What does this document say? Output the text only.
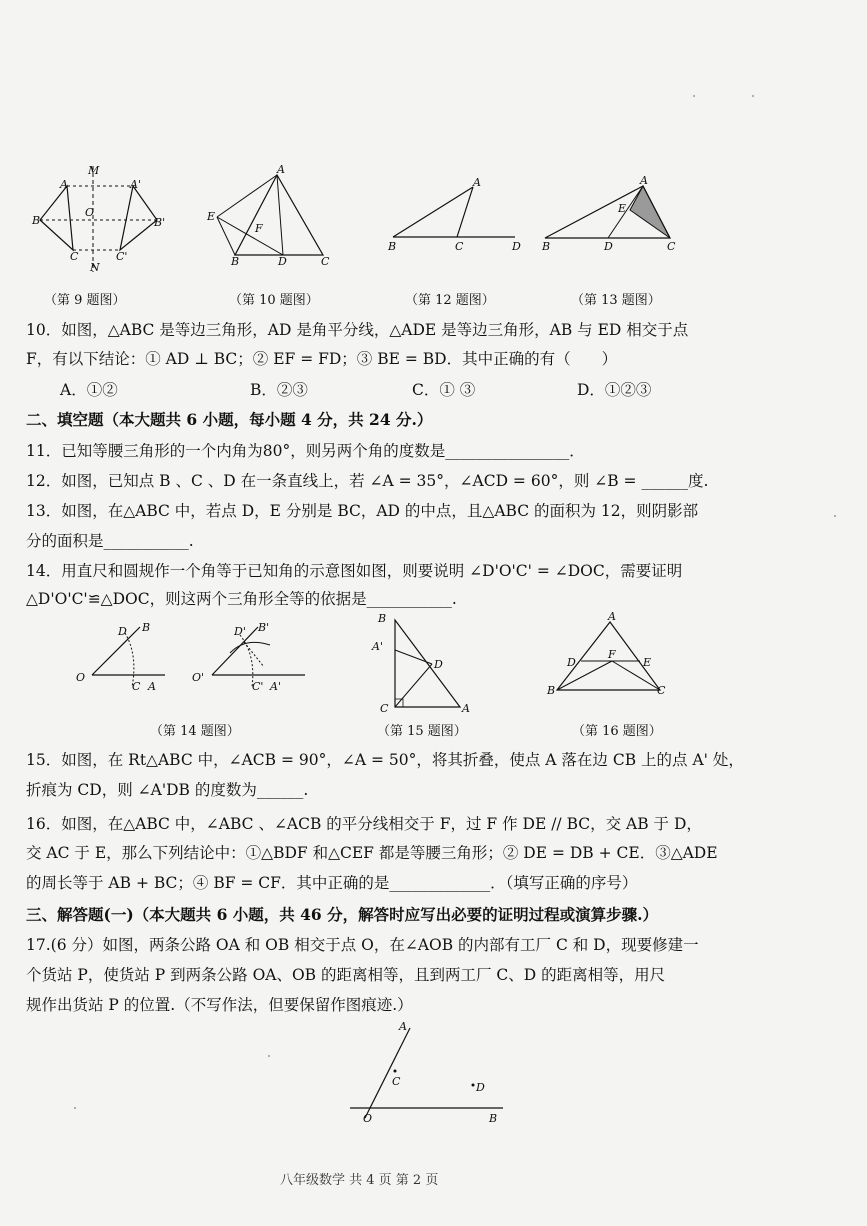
M
A	A'
B
O
B'
C	C'
N
（第 9 题图）
A
E
F
B	D	C
（第 10 题图）
A
B	C	D
（第 12 题图）
A
E
B	D	C
（第 13 题图）
10．如图，△ABC 是等边三角形，AD 是角平分线，△ADE 是等边三角形，AB 与 ED 相交于点
F，有以下结论：① AD ⊥ BC；② EF = FD；③ BE = BD．其中正确的有（　　）
A．①②	B．②③	C．① ③	D．①②③
二、填空题（本大题共 6 小题，每小题 4 分，共 24 分.）
11．已知等腰三角形的一个内角为80°，则另两个角的度数是________________．
12．如图，已知点 B 、C 、D 在一条直线上，若 ∠A = 35°，∠ACD = 60°，则 ∠B = ______度.
13．如图，在△ABC 中，若点 D，E 分别是 BC，AD 的中点，且△ABC 的面积为 12，则阴影部
分的面积是___________.
14．用直尺和圆规作一个角等于已知角的示意图如图，则要说明 ∠D'O'C' = ∠DOC，需要证明
△D'O'C'≌△DOC，则这两个三角形全等的依据是___________.
D B
O
C A
D' B'
O'
C' A'
（第 14 题图）
B
A'
D
C	A
（第 15 题图）
A
D
F
E
B	C
（第 16 题图）
15．如图，在 Rt△ABC 中，∠ACB = 90°，∠A = 50°，将其折叠，使点 A 落在边 CB 上的点 A' 处，
折痕为 CD，则 ∠A'DB 的度数为______.
16．如图，在△ABC 中，∠ABC 、∠ACB 的平分线相交于 F，过 F 作 DE // BC，交 AB 于 D，
交 AC 于 E，那么下列结论中：①△BDF 和△CEF 都是等腰三角形；② DE = DB + CE．③△ADE
的周长等于 AB + BC；④ BF = CF．其中正确的是_____________．（填写正确的序号）
三、解答题(一)（本大题共 6 小题，共 46 分，解答时应写出必要的证明过程或演算步骤.）
17.(6 分）如图，两条公路 OA 和 OB 相交于点 O，在∠AOB 的内部有工厂 C 和 D，现要修建一
个货站 P，使货站 P 到两条公路 OA、OB 的距离相等，且到两工厂 C、D 的距离相等，用尺
规作出货站 P 的位置.（不写作法，但要保留作图痕迹.）
A
C	D
O	B
八年级数学 共 4 页 第 2 页
